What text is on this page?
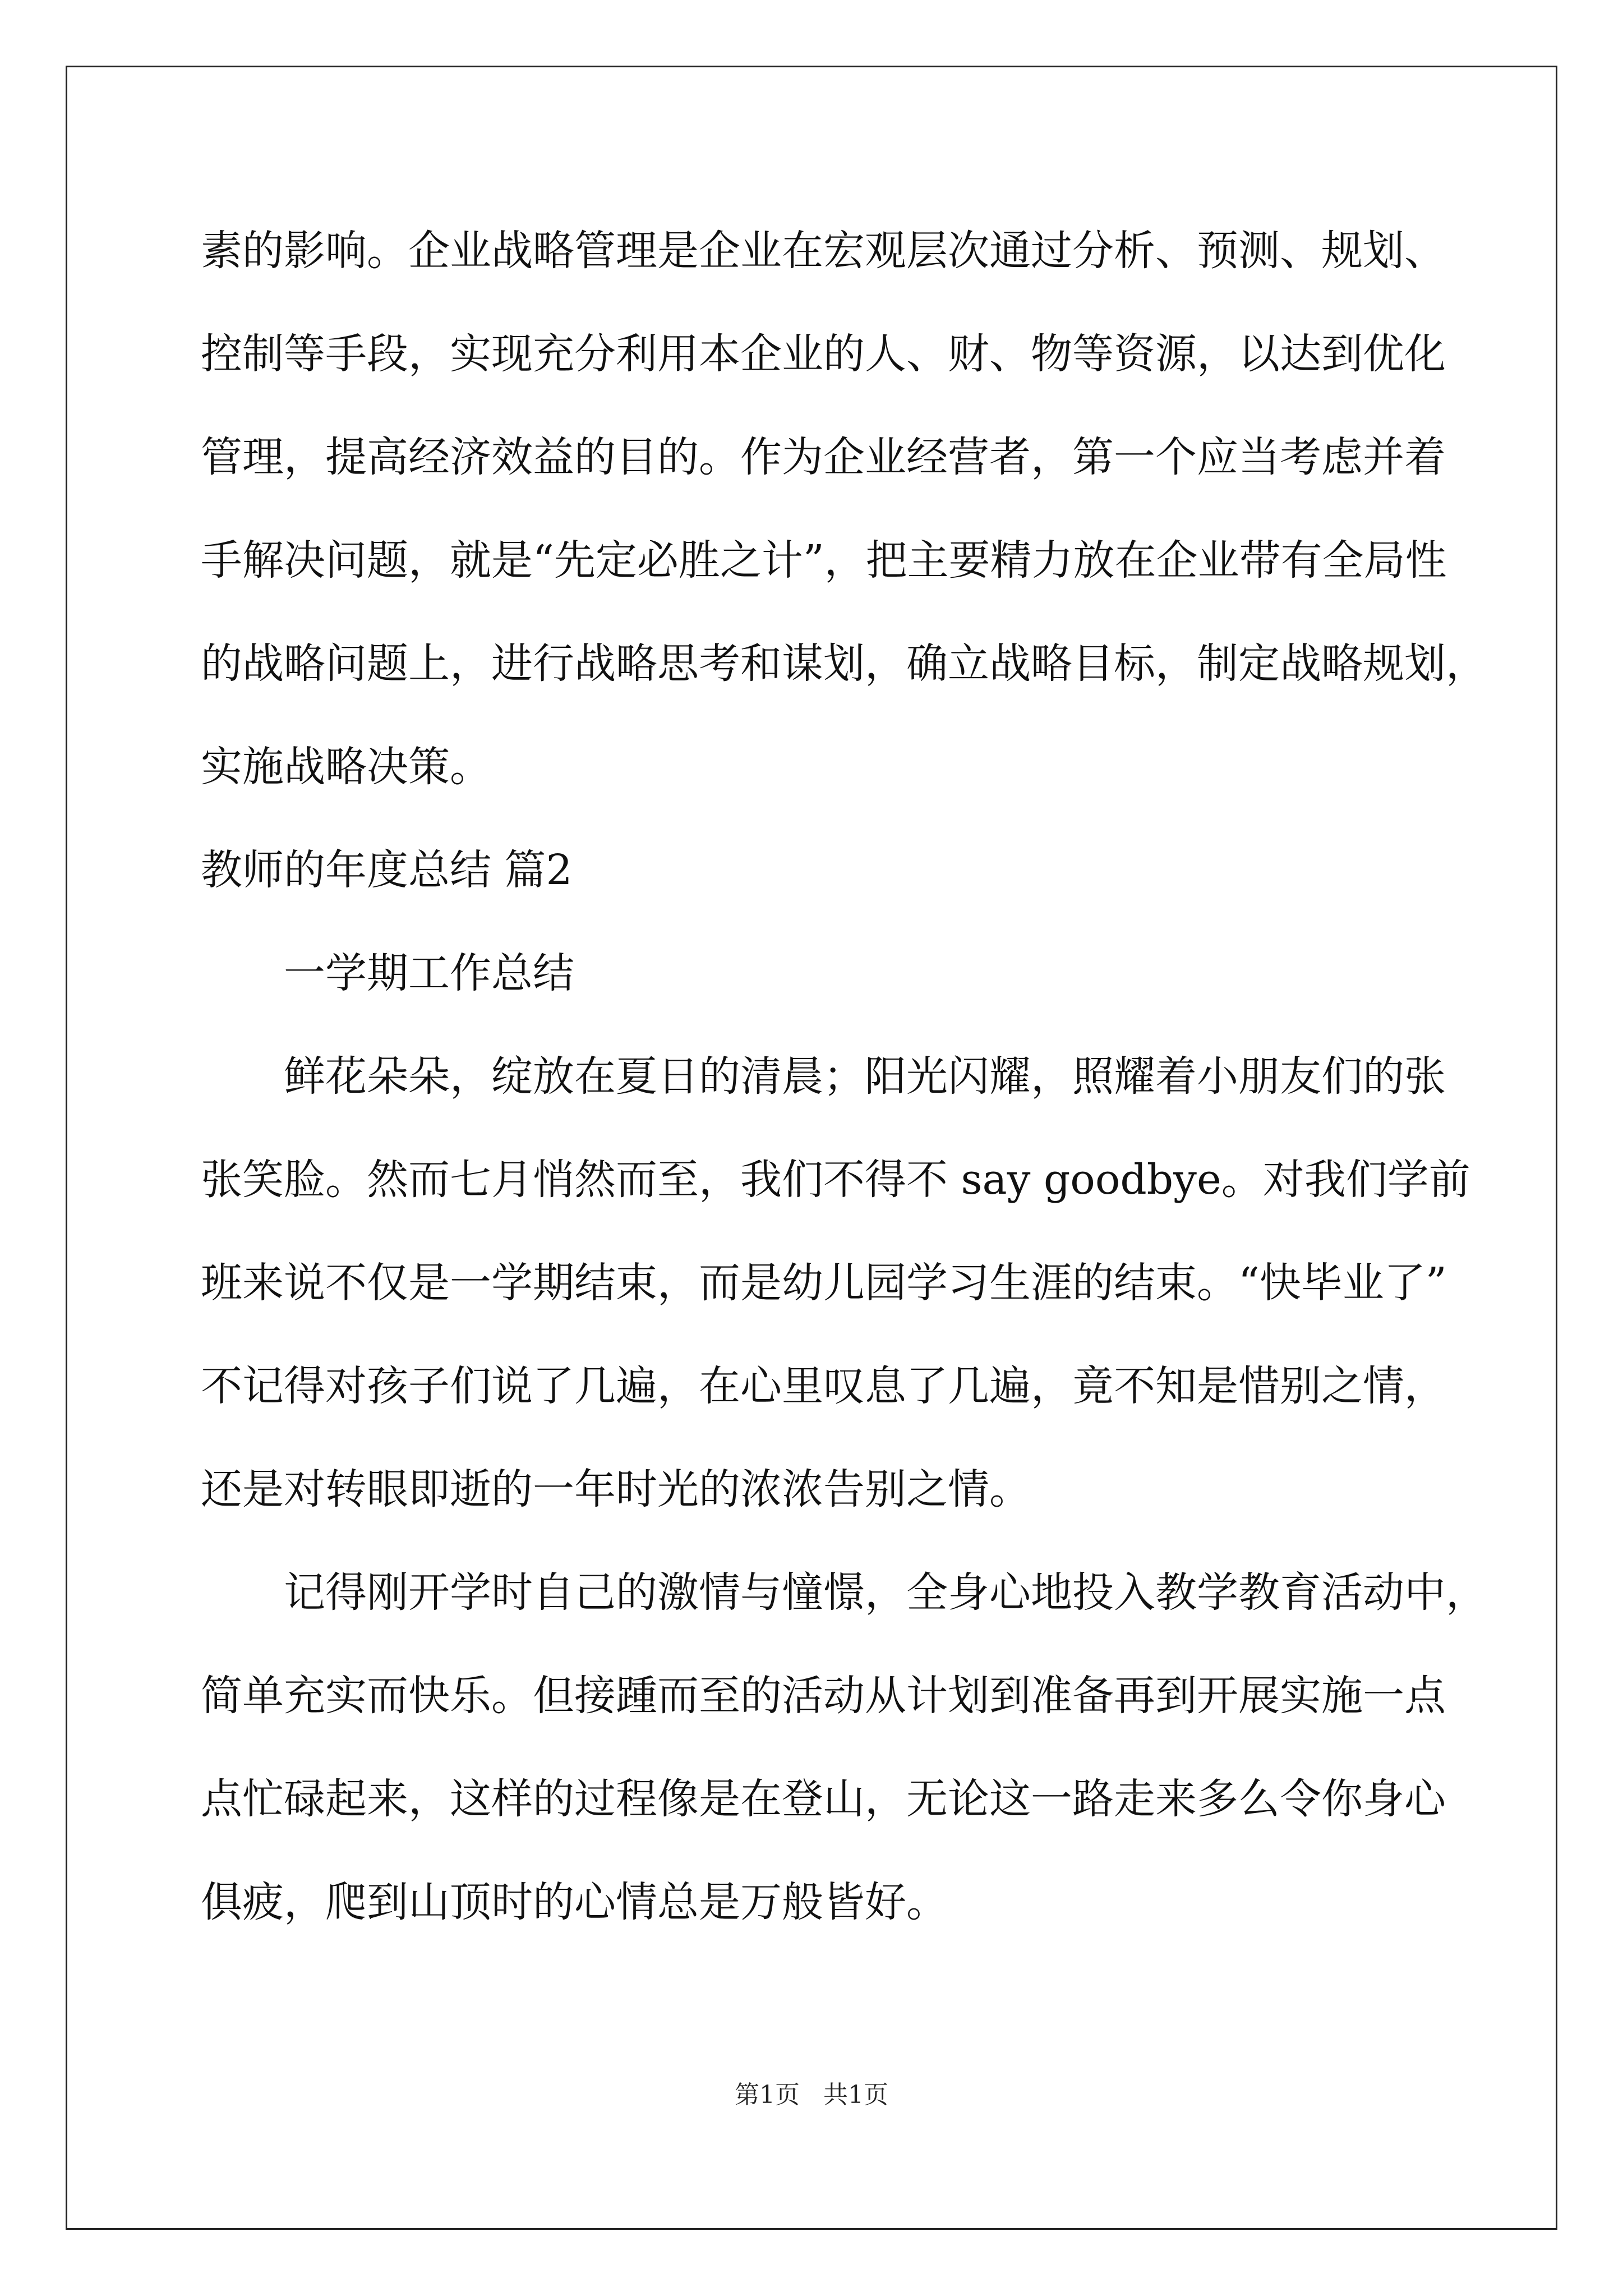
素的影响。企业战略管理是企业在宏观层次通过分析、预测、规划、
控制等手段，实现充分利用本企业的人、财、物等资源，以达到优化
管理，提高经济效益的目的。作为企业经营者，第一个应当考虑并着
手解决问题，就是“先定必胜之计”，把主要精力放在企业带有全局性
的战略问题上，进行战略思考和谋划，确立战略目标，制定战略规划，
实施战略决策。
教师的年度总结 篇2
一学期工作总结
鲜花朵朵，绽放在夏日的清晨；阳光闪耀，照耀着小朋友们的张
张笑脸。然而七月悄然而至，我们不得不 say goodbye。对我们学前
班来说不仅是一学期结束，而是幼儿园学习生涯的结束。“快毕业了”
不记得对孩子们说了几遍，在心里叹息了几遍，竟不知是惜别之情，
还是对转眼即逝的一年时光的浓浓告别之情。
记得刚开学时自己的激情与憧憬，全身心地投入教学教育活动中，
简单充实而快乐。但接踵而至的活动从计划到准备再到开展实施一点
点忙碌起来，这样的过程像是在登山，无论这一路走来多么令你身心
俱疲，爬到山顶时的心情总是万般皆好。
第1页   共1页
